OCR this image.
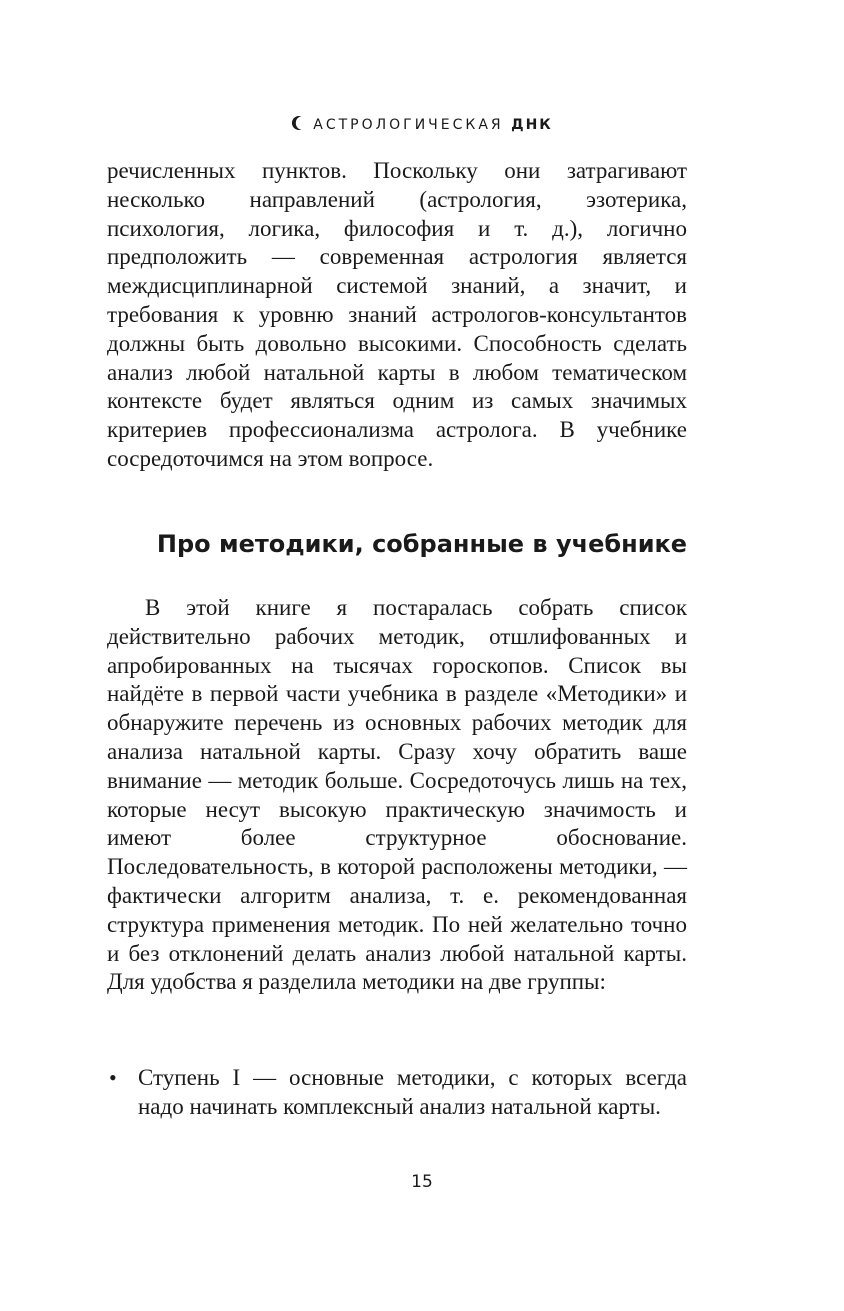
АСТРОЛОГИЧЕСКАЯ ДНК
речисленных пунктов. Поскольку они затрагивают несколько направлений (астрология, эзотерика, психология, логика, философия и т. д.), логично предположить — современная астрология является междисциплинарной системой знаний, а значит, и требования к уровню знаний астрологов-консультантов должны быть довольно высокими. Способность сделать анализ любой натальной карты в любом тематическом контексте будет являться одним из самых значимых критериев профессионализма астролога. В учебнике сосредоточимся на этом вопросе.
Про методики, собранные в учебнике
В этой книге я постаралась собрать список действительно рабочих методик, отшлифованных и апробированных на тысячах гороскопов. Список вы найдёте в первой части учебника в разделе «Методики» и обнаружите перечень из основных рабочих методик для анализа натальной карты. Сразу хочу обратить ваше внимание — методик больше. Сосредоточусь лишь на тех, которые несут высокую практическую значимость и имеют более структурное обоснование. Последовательность, в которой расположены методики, — фактически алгоритм анализа, т. е. рекомендованная структура применения методик. По ней желательно точно и без отклонений делать анализ любой натальной карты. Для удобства я разделила методики на две группы:
• Ступень I — основные методики, с которых всегда надо начинать комплексный анализ натальной карты.
15
